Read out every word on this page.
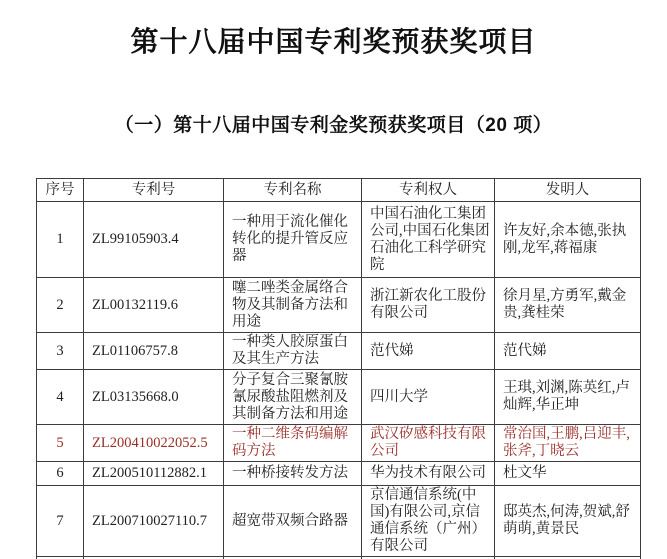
第十八届中国专利奖预获奖项目
（一）第十八届中国专利金奖预获奖项目（20 项）
序号	专利号	专利名称	专利权人	发明人
1	ZL99105903.4	一种用于流化催化转化的提升管反应器	中国石油化工集团公司,中国石化集团石油化工科学研究院	许友好,余本德,张执刚,龙军,蒋福康
2	ZL00132119.6	噻二唑类金属络合物及其制备方法和用途	浙江新农化工股份有限公司	徐月星,方勇军,戴金贵,龚桂荣
3	ZL01106757.8	一种类人胶原蛋白及其生产方法	范代娣	范代娣
4	ZL03135668.0	分子复合三聚氰胺氰尿酸盐阻燃剂及其制备方法和用途	四川大学	王琪,刘渊,陈英红,卢灿辉,华正坤
5	ZL200410022052.5	一种二维条码编解码方法	武汉矽感科技有限公司	常治国,王鹏,吕迎丰,张斧,丁晓云
6	ZL200510112882.1	一种桥接转发方法	华为技术有限公司	杜文华
7	ZL200710027110.7	超宽带双频合路器	京信通信系统(中国)有限公司,京信通信系统（广州）有限公司	邸英杰,何涛,贺斌,舒萌萌,黄景民
